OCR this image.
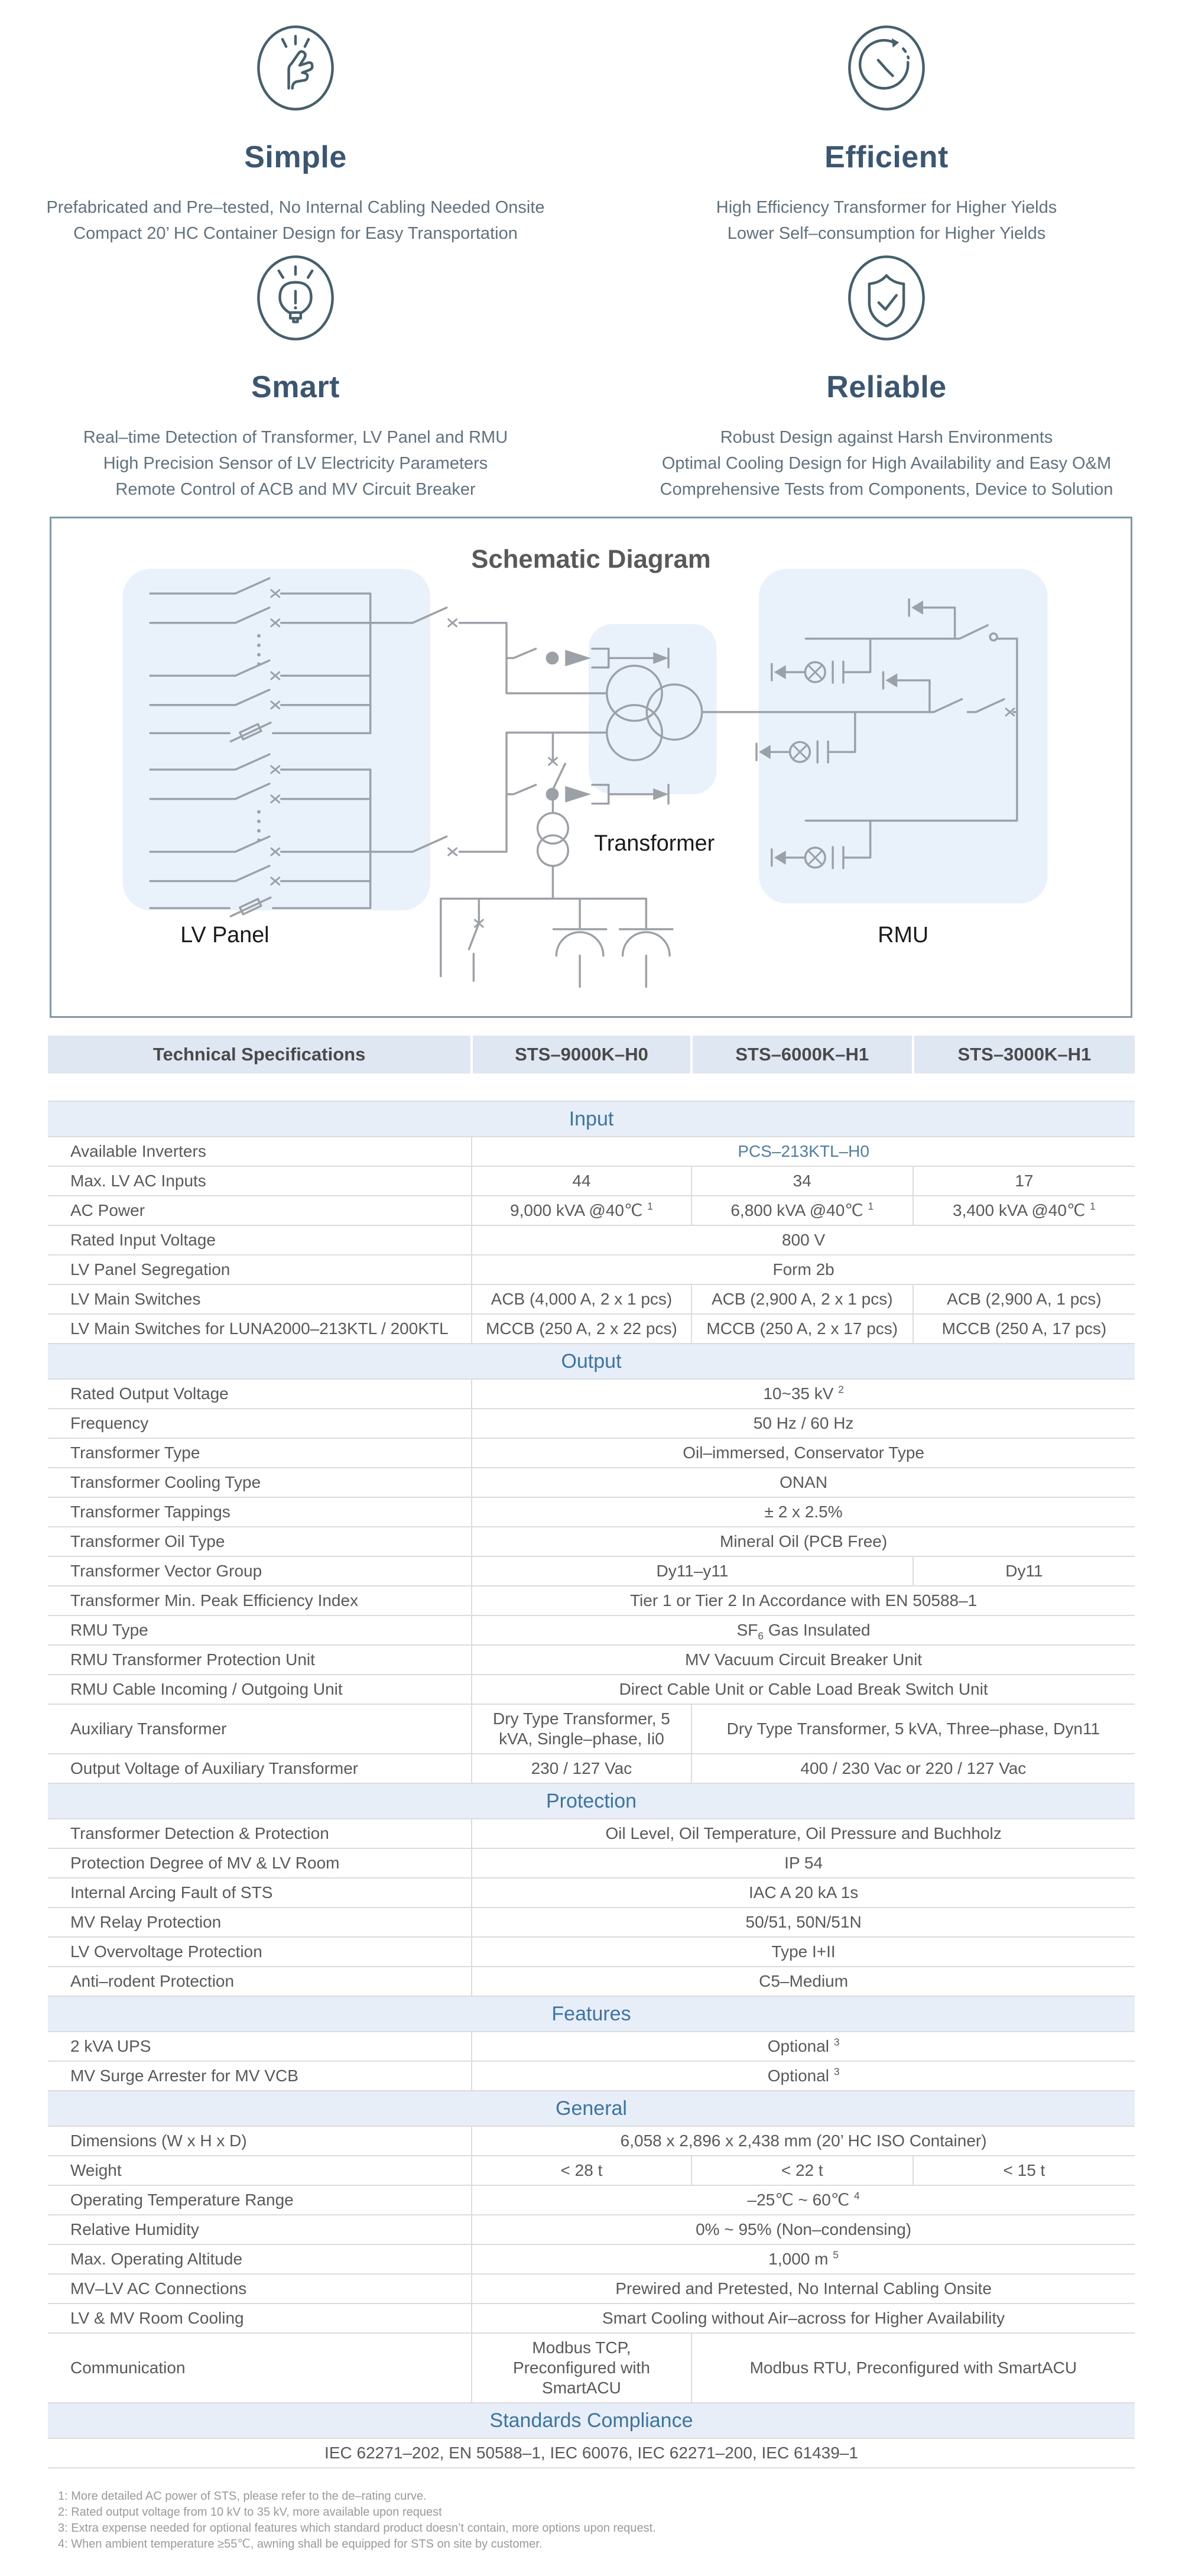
Simple
Prefabricated and Pre–tested, No Internal Cabling Needed Onsite
Compact 20’ HC Container Design for Easy Transportation
Efficient
High Efficiency Transformer for Higher Yields
Lower Self–consumption for Higher Yields
Smart
Real–time Detection of Transformer, LV Panel and RMU
High Precision Sensor of LV Electricity Parameters
Remote Control of ACB and MV Circuit Breaker
Reliable
Robust Design against Harsh Environments
Optimal Cooling Design for High Availability and Easy O&M
Comprehensive Tests from Components, Device to Solution
Schematic Diagram
LV Panel
Transformer
RMU
Technical Specifications	STS–9000K–H0	STS–6000K–H1	STS–3000K–H1
Input			
Available Inverters	PCS–213KTL–H0		
Max. LV AC Inputs	44	34	17
AC Power	9,000 kVA @40℃ $^1$	6,800 kVA @40℃ $^1$	3,400 kVA @40℃ $^1$
Rated Input Voltage	800 V		
LV Panel Segregation	Form 2b		
LV Main Switches	ACB (4,000 A, 2 x 1 pcs)	ACB (2,900 A, 2 x 1 pcs)	ACB (2,900 A, 1 pcs)
LV Main Switches for LUNA2000–213KTL / 200KTL	MCCB (250 A, 2 x 22 pcs)	MCCB (250 A, 2 x 17 pcs)	MCCB (250 A, 17 pcs)
Output			
Rated Output Voltage	10~35 kV $^2$
Frequency	50 Hz / 60 Hz		
Transformer Type	Oil–immersed, Conservator Type		
Transformer Cooling Type	ONAN		
Transformer Tappings	± 2 x 2.5%		
Transformer Oil Type	Mineral Oil (PCB Free)		
Transformer Vector Group	Dy11–y11		Dy11
Transformer Min. Peak Efficiency Index	Tier 1 or Tier 2 In Accordance with EN 50588–1		
RMU Type	$SF_6$ Gas Insulated		
RMU Transformer Protection Unit	MV Vacuum Circuit Breaker Unit		
RMU Cable Incoming / Outgoing Unit	Direct Cable Unit or Cable Load Break Switch Unit		
Auxiliary Transformer	Dry Type Transformer, 5 kVA, Single–phase, Ii0	Dry Type Transformer, 5 kVA, Three–phase, Dyn11	
Output Voltage of Auxiliary Transformer	230 / 127 Vac	400 / 230 Vac or 220 / 127 Vac	
Protection			
Transformer Detection & Protection	Oil Level, Oil Temperature, Oil Pressure and Buchholz		
Protection Degree of MV & LV Room	IP 54		
Internal Arcing Fault of STS	IAC A 20 kA 1s		
MV Relay Protection	50/51, 50N/51N		
LV Overvoltage Protection	Type I+II		
Anti–rodent Protection	C5–Medium		
Features			
2 kVA UPS	Optional $^3$
MV Surge Arrester for MV VCB	Optional $^3$
General			
Dimensions (W x H x D)	6,058 x 2,896 x 2,438 mm (20’ HC ISO Container)		
Weight	< 28 t	< 22 t	< 15 t
Operating Temperature Range	–25℃ ~ 60℃ $^4$
Relative Humidity	0% ~ 95% (Non–condensing)		
Max. Operating Altitude	1,000 m $^5$
MV–LV AC Connections	Prewired and Pretested, No Internal Cabling Onsite		
LV & MV Room Cooling	Smart Cooling without Air–across for Higher Availability		
Communication	Modbus TCP, Preconfigured with SmartACU	Modbus RTU, Preconfigured with SmartACU	
Standards Compliance			
IEC 62271–202, EN 50588–1, IEC 60076, IEC 62271–200, IEC 61439–1			
1: More detailed AC power of STS, please refer to the de–rating curve.
2: Rated output voltage from 10 kV to 35 kV, more available upon request
3: Extra expense needed for optional features which standard product doesn’t contain, more options upon request.
4: When ambient temperature ≥55℃, awning shall be equipped for STS on site by customer.
